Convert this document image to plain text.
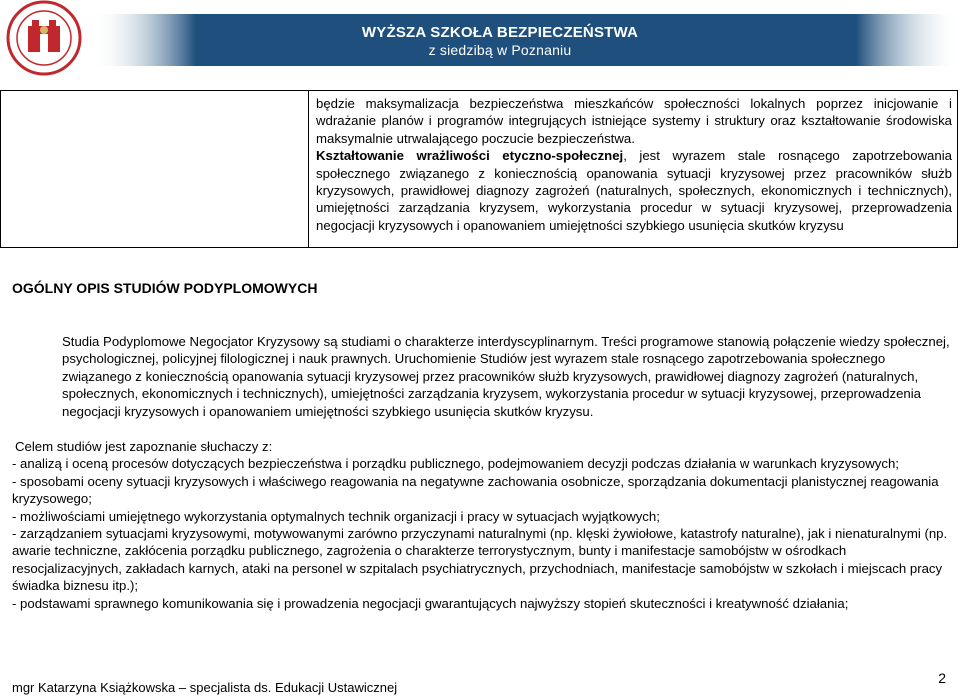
WYŻSZA SZKOŁA BEZPIECZEŃSTWA
z siedzibą w Poznaniu

będzie maksymalizacja bezpieczeństwa mieszkańców społeczności lokalnych poprzez inicjowanie i wdrażanie planów i programów integrujących istniejące systemy i struktury oraz kształtowanie środowiska maksymalnie utrwalającego poczucie bezpieczeństwa.

Kształtowanie wrażliwości etyczno-społecznej, jest wyrazem stale rosnącego zapotrzebowania społecznego związanego z koniecznością opanowania sytuacji kryzysowej przez pracowników służb kryzysowych, prawidłowej diagnozy zagrożeń (naturalnych, społecznych, ekonomicznych i technicznych), umiejętności zarządzania kryzysem, wykorzystania procedur w sytuacji kryzysowej, przeprowadzenia negocjacji kryzysowych i opanowaniem umiejętności szybkiego usunięcia skutków kryzysu

OGÓLNY OPIS STUDIÓW PODYPLOMOWYCH

Studia Podyplomowe Negocjator Kryzysowy są studiami o charakterze interdyscyplinarnym. Treści programowe stanowią połączenie wiedzy społecznej, psychologicznej, policyjnej filologicznej i nauk prawnych. Uruchomienie Studiów jest wyrazem stale rosnącego zapotrzebowania społecznego związanego z koniecznością opanowania sytuacji kryzysowej przez pracowników służb kryzysowych, prawidłowej diagnozy zagrożeń (naturalnych, społecznych, ekonomicznych i technicznych), umiejętności zarządzania kryzysem, wykorzystania procedur w sytuacji kryzysowej, przeprowadzenia negocjacji kryzysowych i opanowaniem umiejętności szybkiego usunięcia skutków kryzysu.

Celem studiów jest zapoznanie słuchaczy z:

- analizą i oceną procesów dotyczących bezpieczeństwa i porządku publicznego, podejmowaniem decyzji podczas działania w warunkach kryzysowych;

- sposobami oceny sytuacji kryzysowych i właściwego reagowania na negatywne zachowania osobnicze, sporządzania dokumentacji planistycznej reagowania kryzysowego;

- możliwościami umiejętnego wykorzystania optymalnych technik organizacji i pracy w sytuacjach wyjątkowych;

- zarządzaniem sytuacjami kryzysowymi, motywowanymi zarówno przyczynami naturalnymi (np. klęski żywiołowe, katastrofy naturalne), jak i nienaturalnymi (np. awarie techniczne, zakłócenia porządku publicznego, zagrożenia o charakterze terrorystycznym, bunty i manifestacje samobójstw w ośrodkach resocjalizacyjnych, zakładach karnych, ataki na personel w szpitalach psychiatrycznych, przychodniach, manifestacje samobójstw w szkołach i miejscach pracy

świadka biznesu itp.);

- podstawami sprawnego komunikowania się i prowadzenia negocjacji gwarantujących najwyższy stopień skuteczności i kreatywność działania;

mgr Katarzyna Książkowska – specjalista ds. Edukacji Ustawicznej
2
